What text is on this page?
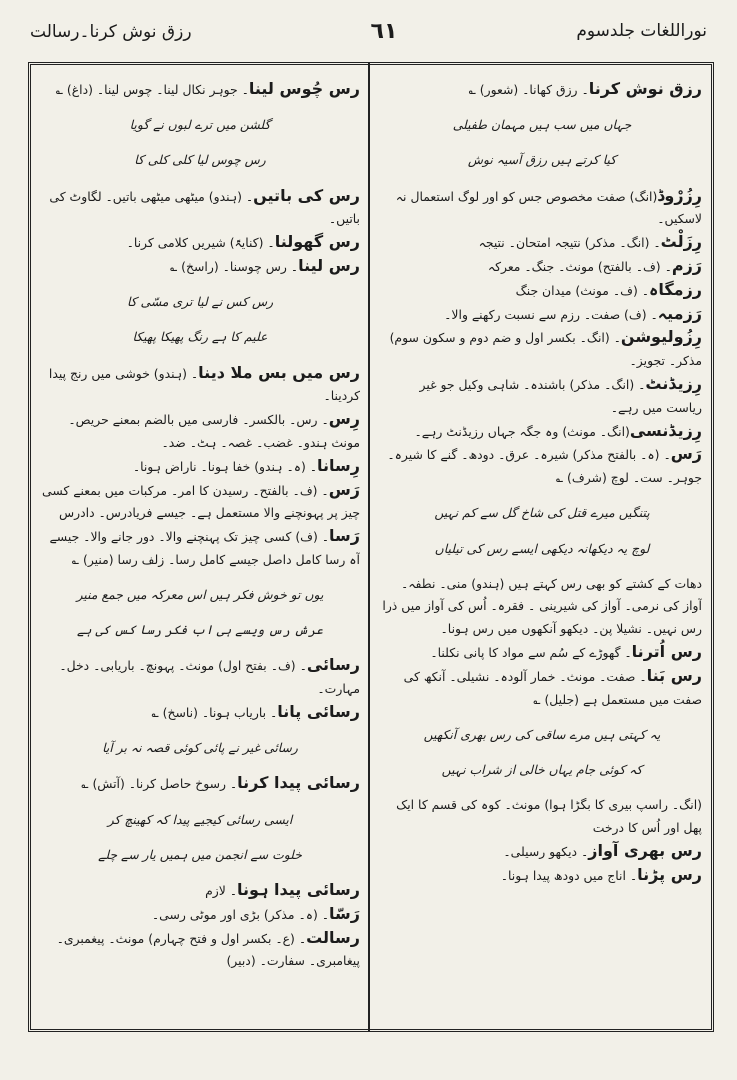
نوراللغات جلدسوم
٦١
رزق نوش کرنا۔رسالت

رزق نوش کرنا۔ رزق کھانا۔ (شعور) ؎

جہاں میں سب ہیں مہمان طفیلی

کیا کرتے ہیں رزق آسیہ نوش

رِزُرْوڈ(انگ) صفت مخصوص جس کو اور لوگ استعمال نہ لاسکیں۔

رِزَلْٹ۔ (انگ۔ مذکر) نتیجہ امتحان۔ نتیجہ

رَزم۔ (ف۔ بالفتح) مونث۔ جنگ۔ معرکہ

رزمگاہ۔ (ف۔ مونث) میدان جنگ

رَزمیہ۔ (ف) صفت۔ رزم سے نسبت رکھنے والا۔

رِزُولیوشن۔ (انگ۔ بکسر اول و ضم دوم و سکون سوم) مذکر۔ تجویز۔

رِزیڈنٹ۔ (انگ۔ مذکر) باشندہ۔ شاہی وکیل جو غیر ریاست میں رہے۔

رِزیڈنسی(انگ۔ مونث) وہ جگہ جہاں رزیڈنٹ رہے۔

رَس۔ (ہ۔ بالفتح مذکر) شیرہ۔ عرق۔ دودھ۔ گنے کا شیرہ۔ جوہر۔ ست۔ لوچ (شرف) ؎

پتنگیں میرے قتل کی شاخ گل سے کم نہیں

لوچ یہ دیکھانہ دیکھی ایسے رس کی تیلیاں

دھات کے کشتے کو بھی رس کہتے ہیں (ہندو) منی۔ نطفہ۔ آواز کی نرمی۔ آواز کی شیرینی ۔ فقرہ۔ اُس کی آواز میں ذرا رس نہیں۔ نشیلا پن۔ دیکھو آنکھوں میں رس ہونا۔

رس اُترنا۔ گھوڑے کے سُم سے مواد کا پانی نکلنا۔

رس بَنا۔ صفت۔ مونث۔ خمار آلودہ۔ نشیلی۔ آنکھ کی صفت میں مستعمل ہے (جلیل) ؎

یہ کہتی ہیں مرے ساقی کی رس بھری آنکھیں

کہ کوئی جام یہاں خالی از شراب نہیں

(انگ۔ راسپ بیری کا بگڑا ہوا) مونث۔ کوہ کی قسم کا ایک پھل اور اُس کا درخت

رس بھری آواز۔ دیکھو رسیلی۔

رس پڑنا۔ اناج میں دودھ پیدا ہونا۔

رس چُوس لینا۔ جوہر نکال لینا۔ چوس لینا۔ (داغ) ؎

گلشن میں ترے لبوں نے گویا

رس چوس لیا کلی کلی کا

رس کی باتیں۔ (ہندو) میٹھی میٹھی باتیں۔ لگاوٹ کی باتیں۔

رس گھولنا۔ (کنایۃً) شیریں کلامی کرنا۔

رس لینا۔ رس چوسنا۔ (راسخ) ؎

رس کس نے لیا تری مسّی کا

علیم کا ہے رنگ پھیکا پھیکا

رس میں بس ملا دینا۔ (ہندو) خوشی میں رنج پیدا کردینا۔

رِس۔ رس۔ بالکسر۔ فارسی میں بالضم بمعنے حریص۔ مونث ہندو۔ غضب۔ غصہ۔ ہٹ۔ ضد۔

رِسانا۔ (ہ۔ ہندو) خفا ہونا۔ ناراض ہونا۔

رَس۔ (ف۔ بالفتح۔ رسیدن کا امر۔ مرکبات میں بمعنے کسی چیز پر پہونچنے والا مستعمل ہے۔ جیسے فریادرس۔ دادرس

رَسا۔ (ف) کسی چیز تک پہنچنے والا۔ دور جانے والا۔ جیسے آہ رسا کامل داصل جیسے کامل رسا۔ زلف رسا (منیر) ؎

یوں تو خوش فکر ہیں اس معرکہ میں جمع منیر

عرش رس ویسے ہی اب فکر رسا کس کی ہے

رسائی۔ (ف۔ بفتح اول) مونث۔ پہونچ۔ باریابی۔ دخل۔ مہارت۔

رسائی پانا۔ باریاب ہونا۔ (ناسخ) ؎

رسائی غیر نے پائی کوئی قصہ نہ بر آیا

رسائی پیدا کرنا۔ رسوخ حاصل کرنا۔ (آتش) ؎

ایسی رسائی کیجیے پیدا کہ کھینچ کر

خلوت سے انجمن میں ہمیں یار سے چلے

رسائی پیدا ہونا۔ لازم

رَسّا۔ (ہ۔ مذکر) بڑی اور موٹی رسی۔

رسالت۔ (ع۔ بکسر اول و فتح چہارم) مونث۔ پیغمبری۔ پیغامبری۔ سفارت۔ (دبیر)
